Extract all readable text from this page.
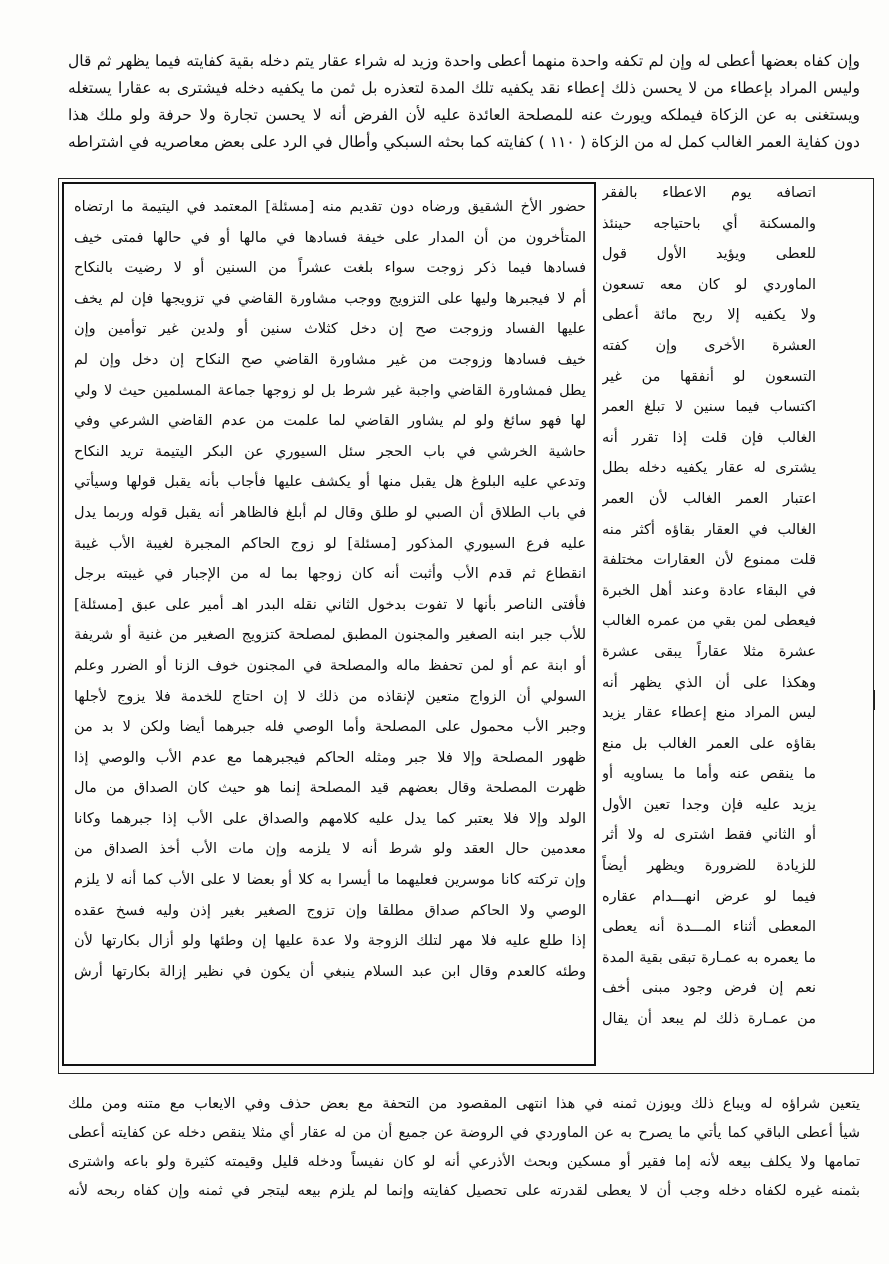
وإن كفاه بعضها أعطى له وإن لم تكفه واحدة منهما أعطى واحدة وزيد له شراء عقار يتم دخله بقية كفايته فيما يظهر ثم قال

وليس المراد بإعطاء من لا يحسن ذلك إعطاء نقد يكفيه تلك المدة لتعذره بل ثمن ما يكفيه دخله فيشترى به عقارا يستغله

ويستغنى به عن الزكاة فيملكه ويورث عنه للمصلحة العائدة عليه لأن الفرض أنه لا يحسن تجارة ولا حرفة ولو ملك هذا

دون كفاية العمر الغالب كمل له من الزكاة ( ١١٠ ) كفايته كما بحثه السبكي وأطال في الرد على بعض معاصريه في اشتراطه

اتصافه يوم الاعطاء بالفقر

والمسكنة أي باحتياجه حينئذ

للعطى ويؤيد الأول قول

الماوردي لو كان معه تسعون

ولا يكفيه إلا ربح مائة أعطى

العشرة الأخرى وإن كفته

التسعون لو أنفقها من غير

اكتساب فيما سنين لا تبلغ العمر

الغالب فإن قلت إذا تقرر أنه

يشترى له عقار يكفيه دخله بطل

اعتبار العمر الغالب لأن العمر

الغالب في العقار بقاؤه أكثر منه

قلت ممنوع لأن العقارات مختلفة

في البقاء عادة وعند أهل الخبرة

فيعطى لمن بقي من عمره الغالب

عشرة مثلا عقاراً يبقى عشرة

وهكذا على أن الذي يظهر أنه

ليس المراد منع إعطاء عقار يزيد

بقاؤه على العمر الغالب بل منع

ما ينقص عنه وأما ما يساويه أو

يزيد عليه فإن وجدا تعين الأول

أو الثاني فقط اشترى له ولا أثر

للزيادة للضرورة ويظهر أيضاً

فيما لو عرض انهـــدام عقاره

المعطى أثناء المـــدة أنه يعطى

ما يعمره به عمـارة تبقى بقية المدة

نعم إن فرض وجود مبنى أخف

من عمـارة ذلك لم يبعد أن يقال

حضور الأخ الشقيق ورضاه دون تقديم منه [مسئلة] المعتمد في اليتيمة ما ارتضاه

المتأخرون من أن المدار على خيفة فسادها في مالها أو في حالها فمتى خيف

فسادها فيما ذكر زوجت سواء بلغت عشراً من السنين أو لا رضيت بالنكاح

أم لا فيجبرها وليها على التزويج ووجب مشاورة القاضي في تزويجها فإن لم يخف

عليها الفساد وزوجت صح إن دخل كثلاث سنين أو ولدين غير توأمين وإن

خيف فسادها وزوجت من غير مشاورة القاضي صح النكاح إن دخل وإن لم

يطل فمشاورة القاضي واجبة غير شرط بل لو زوجها جماعة المسلمين حيث لا ولي

لها فهو سائغ ولو لم يشاور القاضي لما علمت من عدم القاضي الشرعي وفي

حاشية الخرشي في باب الحجر سئل السيوري عن البكر اليتيمة تريد النكاح

وتدعي عليه البلوغ هل يقبل منها أو يكشف عليها فأجاب بأنه يقبل قولها وسيأتي

في باب الطلاق أن الصبي لو طلق وقال لم أبلغ فالظاهر أنه يقبل قوله وربما يدل

عليه فرع السيوري المذكور [مسئلة] لو زوج الحاكم المجبرة لغيبة الأب غيبة

انقطاع ثم قدم الأب وأثبت أنه كان زوجها بما له من الإجبار في غيبته برجل

فأفتى الناصر بأنها لا تفوت بدخول الثاني نقله البدر اهـ أمير على عبق [مسئلة]

للأب جبر ابنه الصغير والمجنون المطبق لمصلحة كتزويج الصغير من غنية أو شريفة

أو ابنة عم أو لمن تحفظ ماله والمصلحة في المجنون خوف الزنا أو الضرر وعلم

السولي أن الزواج متعين لإنقاذه من ذلك لا إن احتاج للخدمة فلا يزوج لأجلها

وجبر الأب محمول على المصلحة وأما الوصي فله جبرهما أيضا ولكن لا بد من

ظهور المصلحة وإلا فلا جبر ومثله الحاكم فيجبرهما مع عدم الأب والوصي إذا

ظهرت المصلحة وقال بعضهم قيد المصلحة إنما هو حيث كان الصداق من مال

الولد وإلا فلا يعتبر كما يدل عليه كلامهم والصداق على الأب إذا جبرهما وكانا

معدمين حال العقد ولو شرط أنه لا يلزمه وإن مات الأب أخذ الصداق من

وإن تركته كانا موسرين فعليهما ما أيسرا به كلا أو بعضا لا على الأب كما أنه لا يلزم

الوصي ولا الحاكم صداق مطلقا وإن تزوج الصغير بغير إذن وليه فسخ عقده

إذا طلع عليه فلا مهر لتلك الزوجة ولا عدة عليها إن وطئها ولو أزال بكارتها لأن

وطئه كالعدم وقال ابن عبد السلام ينبغي أن يكون في نظير إزالة بكارتها أرش

يتعين شراؤه له ويباع ذلك ويوزن ثمنه في هذا انتهى المقصود من التحفة مع بعض حذف وفي الايعاب مع متنه ومن ملك

شيأ أعطى الباقي كما يأتي ما يصرح به عن الماوردي في الروضة عن جميع أن من له عقار أي مثلا ينقص دخله عن كفايته أعطى

تمامها ولا يكلف بيعه لأنه إما فقير أو مسكين وبحث الأذرعي أنه لو كان نفيساً ودخله قليل وقيمته كثيرة ولو باعه واشترى

بثمنه غيره لكفاه دخله وجب أن لا يعطى لقدرته على تحصيل كفايته وإنما لم يلزم بيعه ليتجر في ثمنه وإن كفاه ربحه لأنه
